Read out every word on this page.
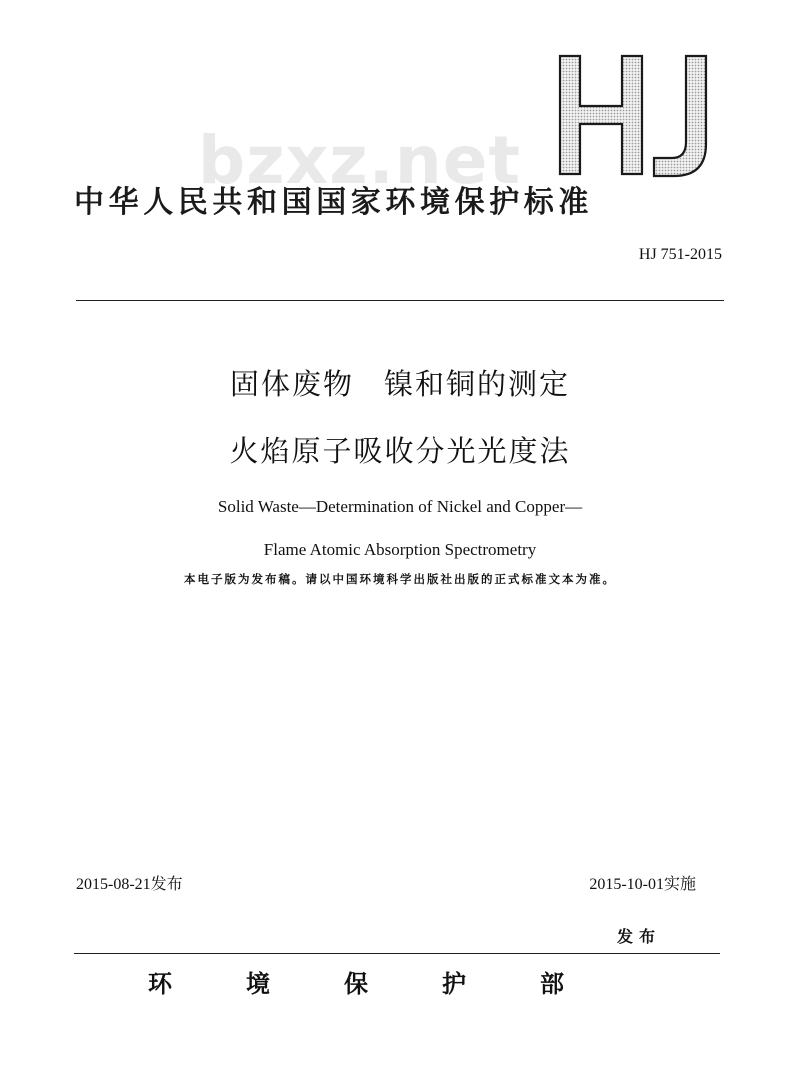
bzxz.net
中华人民共和国国家环境保护标准
HJ 751-2015
固体废物 镍和铜的测定
火焰原子吸收分光光度法
Solid Waste—Determination of Nickel and Copper—
Flame Atomic Absorption Spectrometry
本电子版为发布稿。请以中国环境科学出版社出版的正式标准文本为准。
2015-08-21发布	2015-10-01实施
发布
环境保护部
